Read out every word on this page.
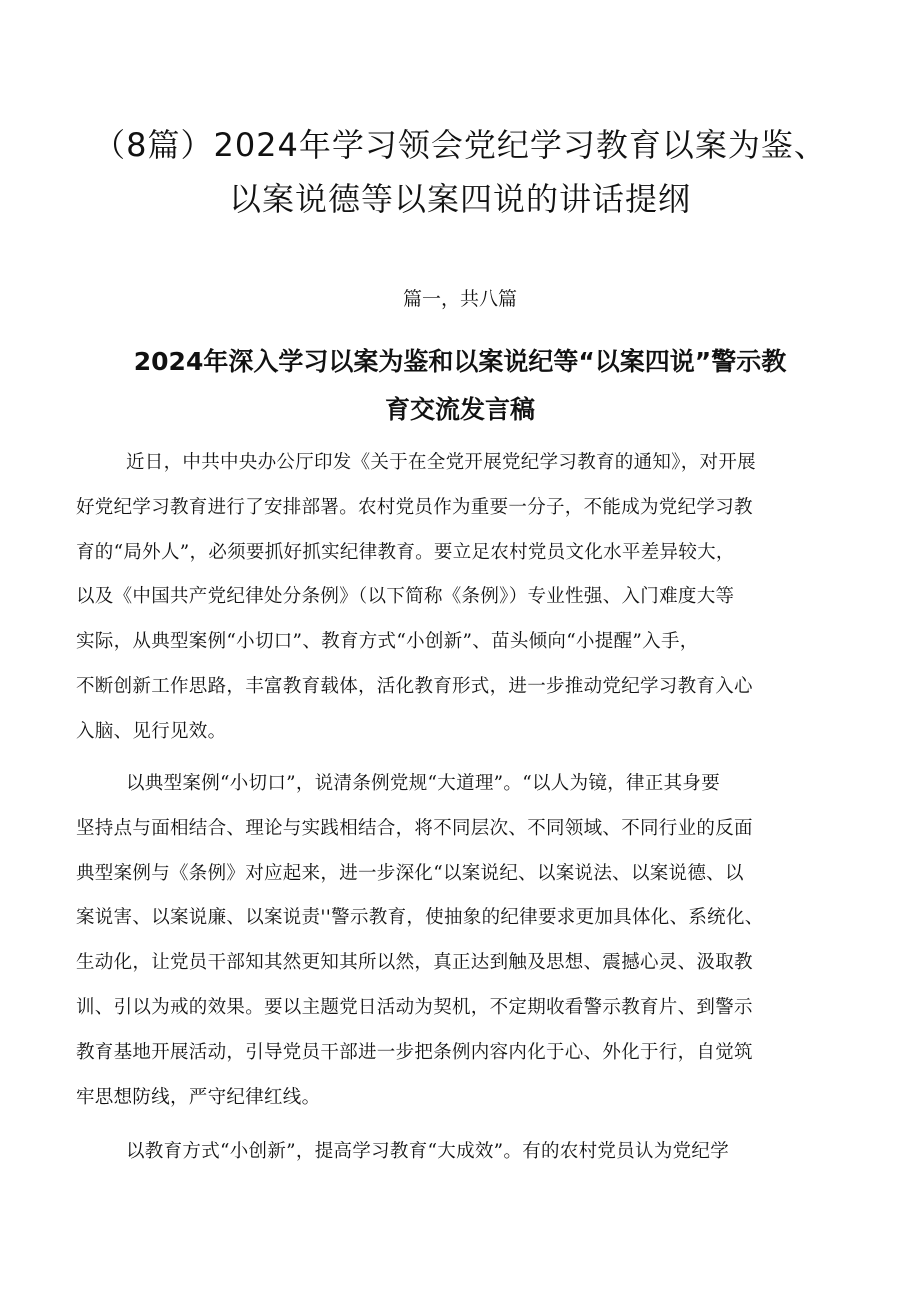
（8篇）2024年学习领会党纪学习教育以案为鉴、
以案说德等以案四说的讲话提纲

篇一，共八篇

2024年深入学习以案为鉴和以案说纪等“以案四说”警示教
育交流发言稿
近日，中共中央办公厅印发《关于在全党开展党纪学习教育的通知》，对开展
好党纪学习教育进行了安排部署。农村党员作为重要一分子，不能成为党纪学习教
育的“局外人”，必须要抓好抓实纪律教育。要立足农村党员文化水平差异较大，
以及《中国共产党纪律处分条例》（以下简称《条例》）专业性强、入门难度大等
实际，从典型案例“小切口”、教育方式“小创新”、苗头倾向“小提醒”入手，
不断创新工作思路，丰富教育载体，活化教育形式，进一步推动党纪学习教育入心
入脑、见行见效。
以典型案例“小切口”，说清条例党规“大道理”。“以人为镜，律正其身要
坚持点与面相结合、理论与实践相结合，将不同层次、不同领域、不同行业的反面
典型案例与《条例》对应起来，进一步深化“以案说纪、以案说法、以案说德、以
案说害、以案说廉、以案说责''警示教育，使抽象的纪律要求更加具体化、系统化、
生动化，让党员干部知其然更知其所以然，真正达到触及思想、震撼心灵、汲取教
训、引以为戒的效果。要以主题党日活动为契机，不定期收看警示教育片、到警示
教育基地开展活动，引导党员干部进一步把条例内容内化于心、外化于行，自觉筑
牢思想防线，严守纪律红线。
以教育方式“小创新”，提高学习教育“大成效”。有的农村党员认为党纪学
